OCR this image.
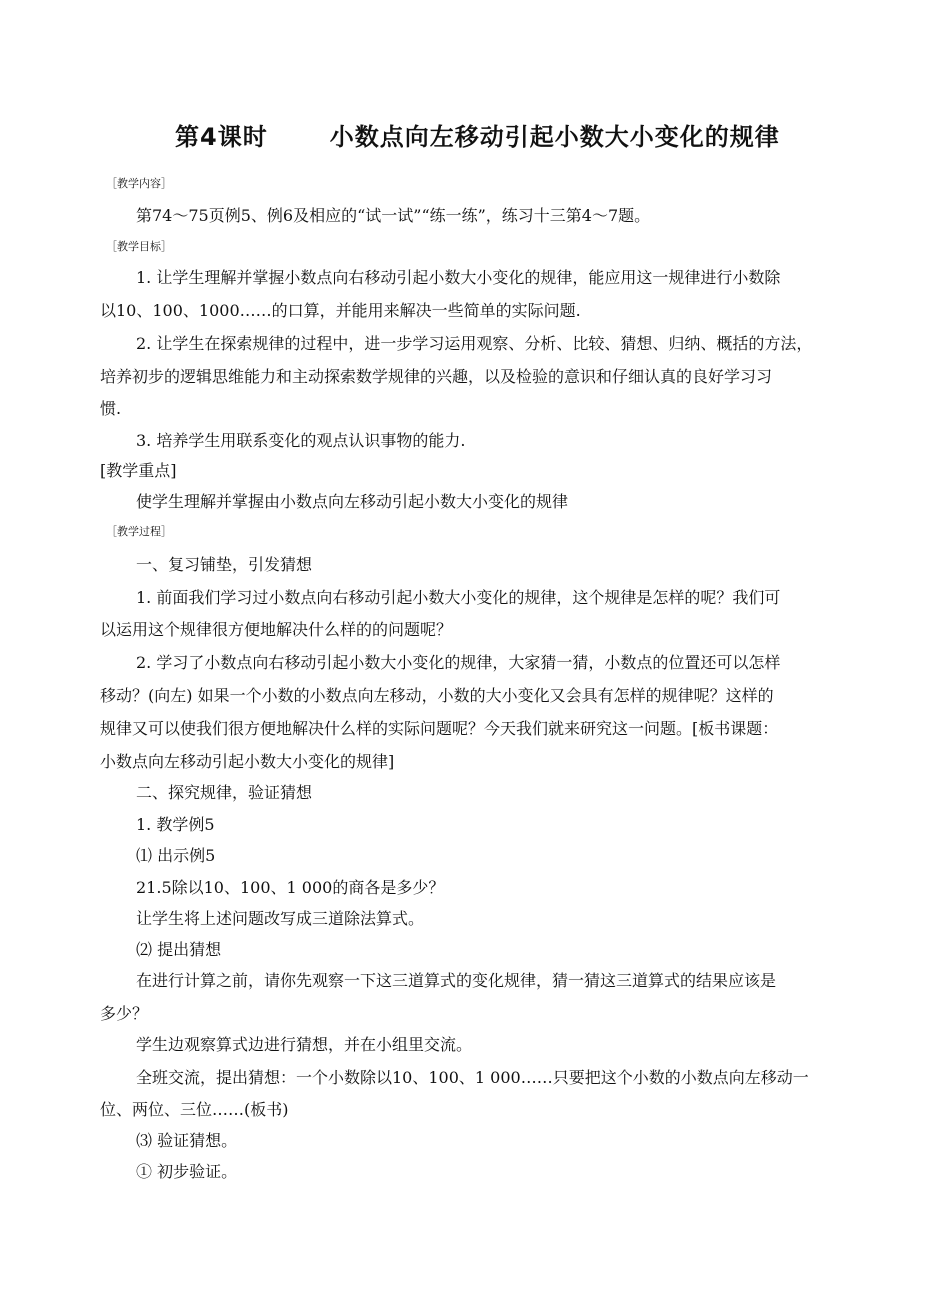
第4课时	小数点向左移动引起小数大小变化的规律
［教学内容］
第74～75页例5、例6及相应的“试一试”“练一练”，练习十三第4～7题。
［教学目标］
1. 让学生理解并掌握小数点向右移动引起小数大小变化的规律，能应用这一规律进行小数除
以10、100、1000……的口算，并能用来解决一些简单的实际问题.
2. 让学生在探索规律的过程中，进一步学习运用观察、分析、比较、猜想、归纳、概括的方法，
培养初步的逻辑思维能力和主动探索数学规律的兴趣，以及检验的意识和仔细认真的良好学习习
惯.
3. 培养学生用联系变化的观点认识事物的能力.
[教学重点]
使学生理解并掌握由小数点向左移动引起小数大小变化的规律
［教学过程］
一、复习铺垫，引发猜想
1. 前面我们学习过小数点向右移动引起小数大小变化的规律，这个规律是怎样的呢？我们可
以运用这个规律很方便地解决什么样的的问题呢？
2. 学习了小数点向右移动引起小数大小变化的规律，大家猜一猜，小数点的位置还可以怎样
移动？(向左) 如果一个小数的小数点向左移动，小数的大小变化又会具有怎样的规律呢？这样的
规律又可以使我们很方便地解决什么样的实际问题呢？今天我们就来研究这一问题。[板书课题：
小数点向左移动引起小数大小变化的规律]
二、探究规律，验证猜想
1. 教学例5
⑴ 出示例5
21.5除以10、100、1 000的商各是多少？
让学生将上述问题改写成三道除法算式。
⑵ 提出猜想
在进行计算之前，请你先观察一下这三道算式的变化规律，猜一猜这三道算式的结果应该是
多少？
学生边观察算式边进行猜想，并在小组里交流。
全班交流，提出猜想：一个小数除以10、100、1 000……只要把这个小数的小数点向左移动一
位、两位、三位……(板书)
⑶ 验证猜想。
① 初步验证。
